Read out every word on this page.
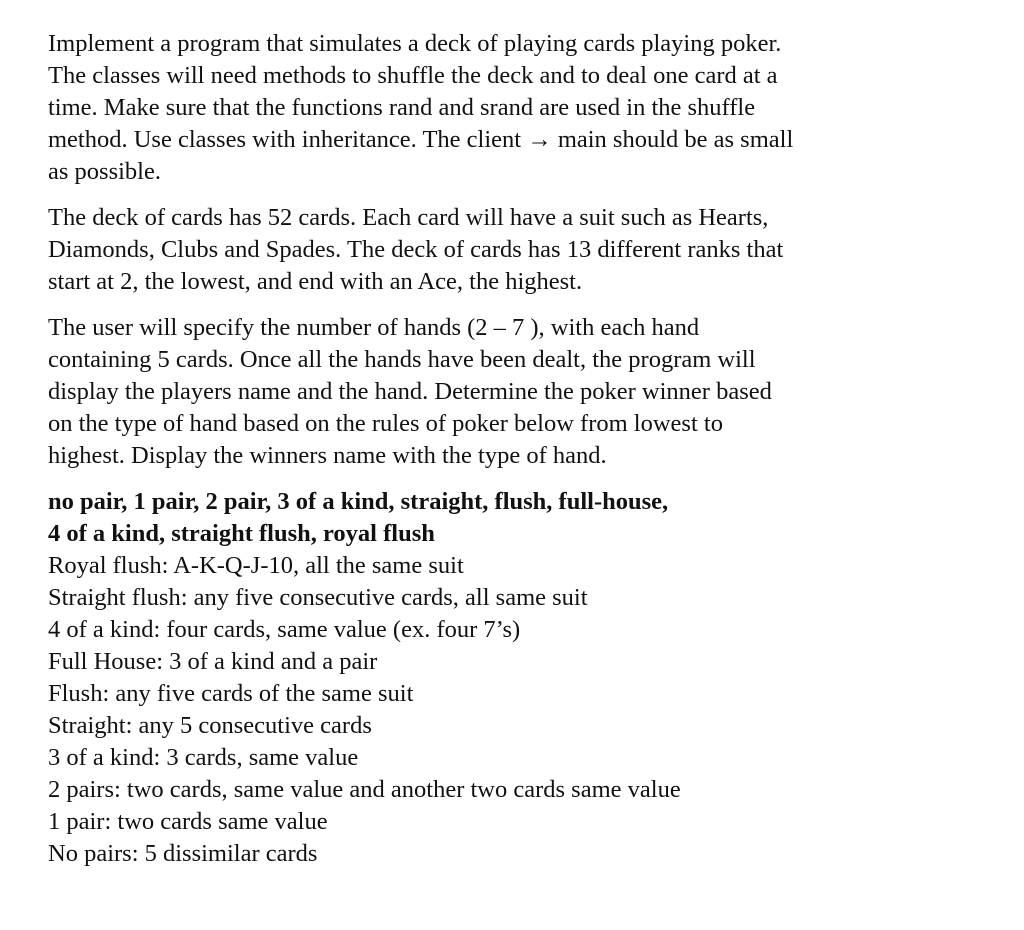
Implement a program that simulates a deck of playing cards playing poker.
The classes will need methods to shuffle the deck and to deal one card at a
time. Make sure that the functions rand and srand are used in the shuffle
method. Use classes with inheritance. The client → main should be as small
as possible.

The deck of cards has 52 cards. Each card will have a suit such as Hearts,
Diamonds, Clubs and Spades. The deck of cards has 13 different ranks that
start at 2, the lowest, and end with an Ace, the highest.

The user will specify the number of hands (2 – 7 ), with each hand
containing 5 cards. Once all the hands have been dealt, the program will
display the players name and the hand. Determine the poker winner based
on the type of hand based on the rules of poker below from lowest to
highest. Display the winners name with the type of hand.

no pair, 1 pair, 2 pair, 3 of a kind, straight, flush, full-house,
4 of a kind, straight flush, royal flush
Royal flush: A-K-Q-J-10, all the same suit
Straight flush: any five consecutive cards, all same suit
4 of a kind: four cards, same value (ex. four 7’s)
Full House: 3 of a kind and a pair
Flush: any five cards of the same suit
Straight: any 5 consecutive cards
3 of a kind: 3 cards, same value
2 pairs: two cards, same value and another two cards same value
1 pair: two cards same value
No pairs: 5 dissimilar cards
